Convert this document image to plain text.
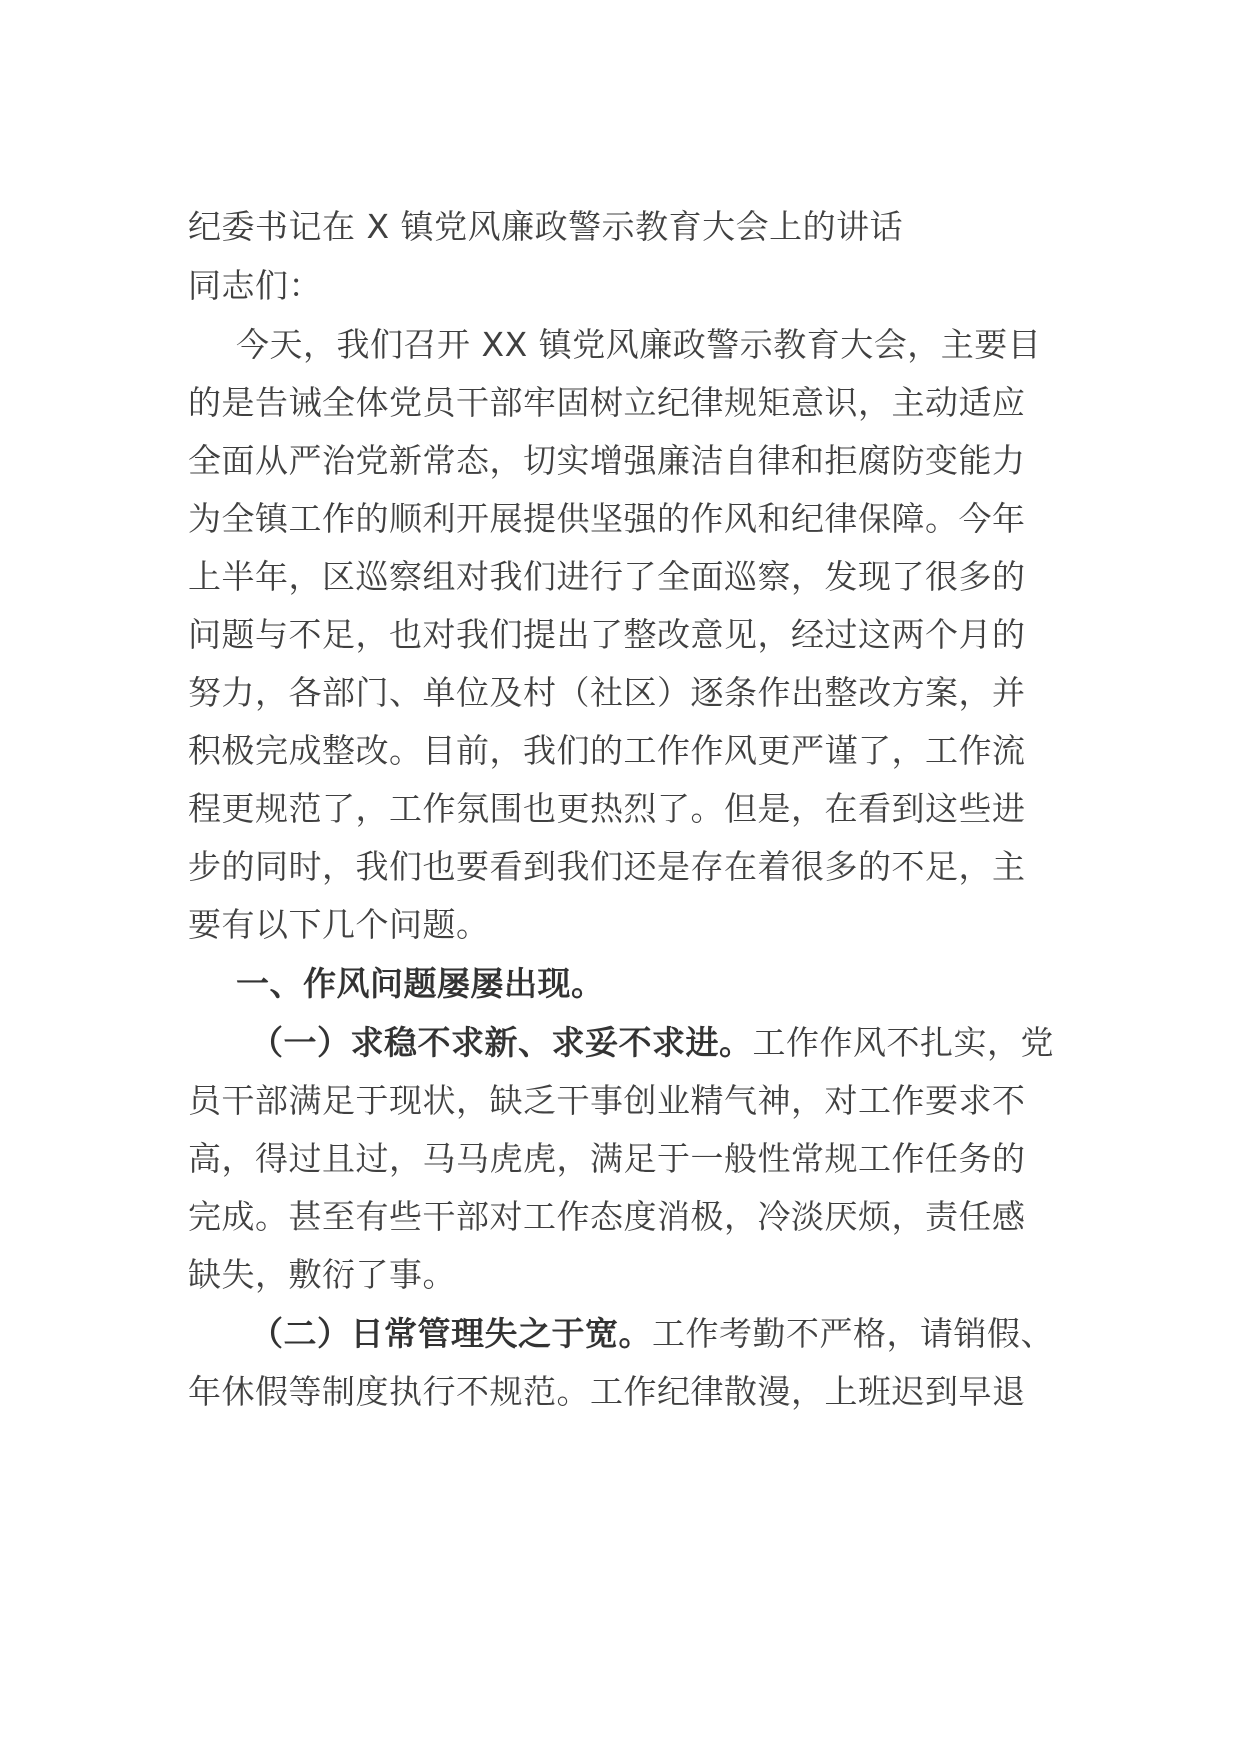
纪委书记在 X 镇党风廉政警示教育大会上的讲话
同志们：
今天，我们召开 XX 镇党风廉政警示教育大会，主要目
的是告诫全体党员干部牢固树立纪律规矩意识，主动适应
全面从严治党新常态，切实增强廉洁自律和拒腐防变能力
为全镇工作的顺利开展提供坚强的作风和纪律保障。今年
上半年，区巡察组对我们进行了全面巡察，发现了很多的
问题与不足，也对我们提出了整改意见，经过这两个月的
努力，各部门、单位及村（社区）逐条作出整改方案，并
积极完成整改。目前，我们的工作作风更严谨了，工作流
程更规范了，工作氛围也更热烈了。但是，在看到这些进
步的同时，我们也要看到我们还是存在着很多的不足，主
要有以下几个问题。
一、作风问题屡屡出现。
（一）求稳不求新、求妥不求进。工作作风不扎实，党
员干部满足于现状，缺乏干事创业精气神，对工作要求不
高，得过且过，马马虎虎，满足于一般性常规工作任务的
完成。甚至有些干部对工作态度消极，冷淡厌烦，责任感
缺失，敷衍了事。
（二）日常管理失之于宽。工作考勤不严格，请销假、
年休假等制度执行不规范。工作纪律散漫，上班迟到早退
